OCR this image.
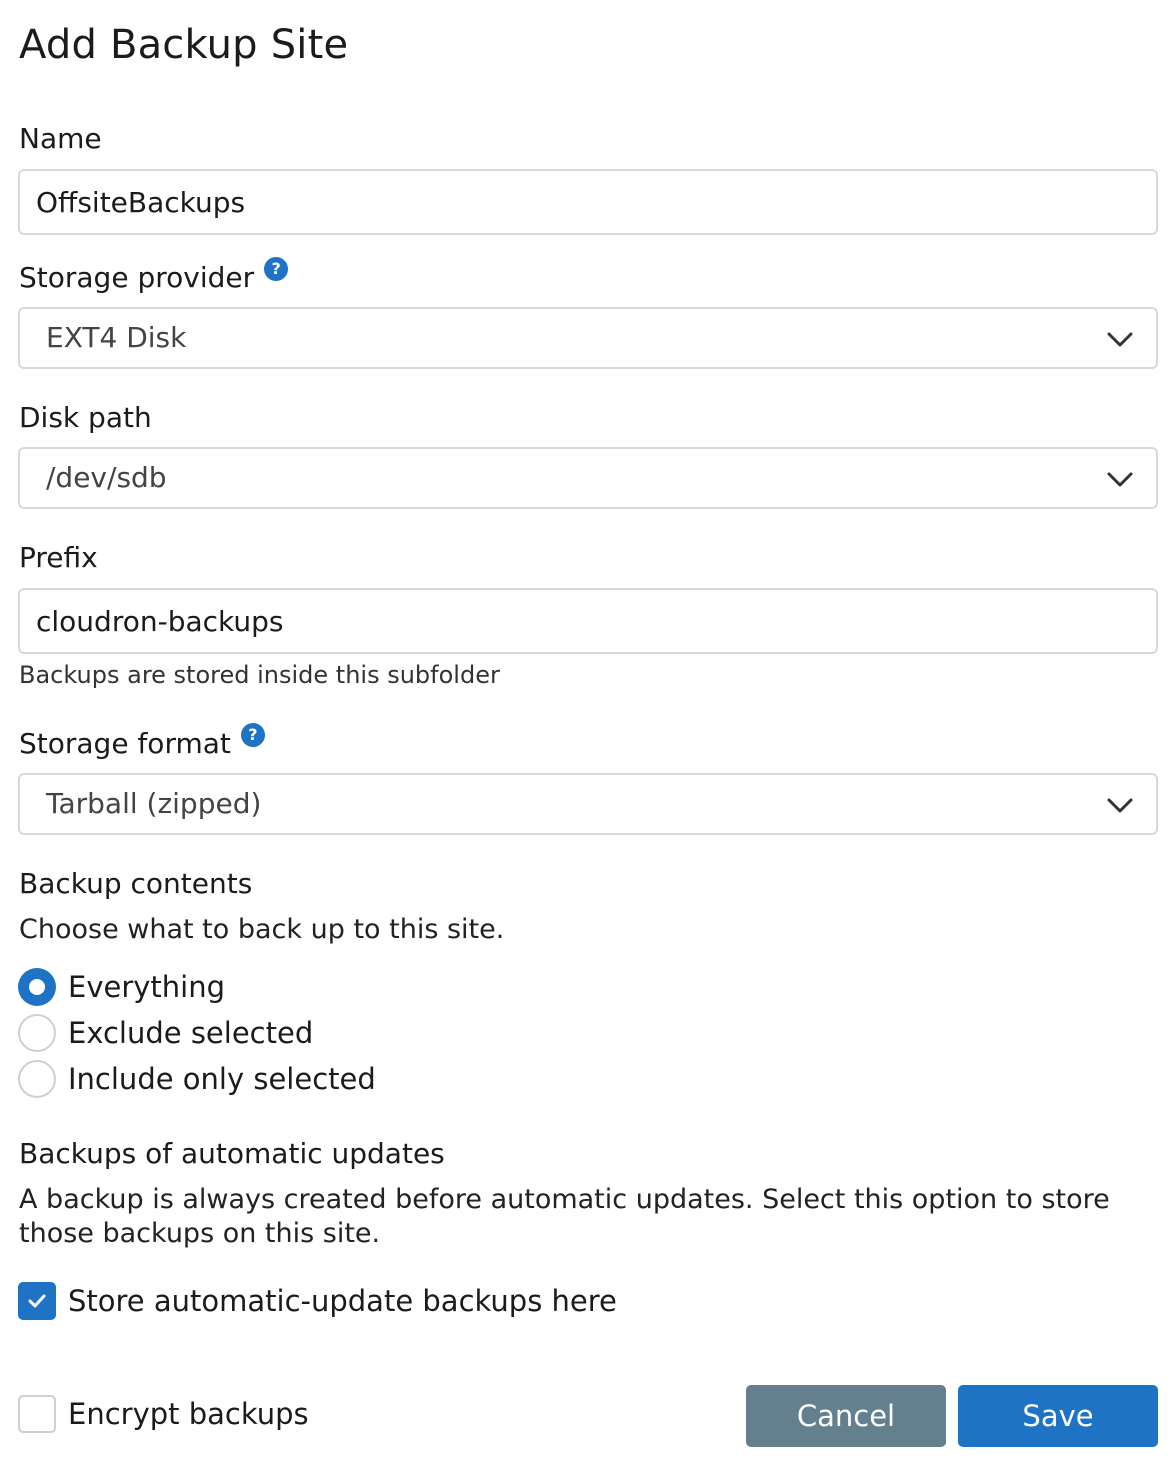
Add Backup Site
Name
OffsiteBackups
Storage provider ?
EXT4 Disk
Disk path
/dev/sdb
Prefix
cloudron-backups
Backups are stored inside this subfolder
Storage format ?
Tarball (zipped)
Backup contents
Choose what to back up to this site.
Everything
Exclude selected
Include only selected
Backups of automatic updates
A backup is always created before automatic updates. Select this option to store those backups on this site.
Store automatic-update backups here
Encrypt backups	Cancel	Save
